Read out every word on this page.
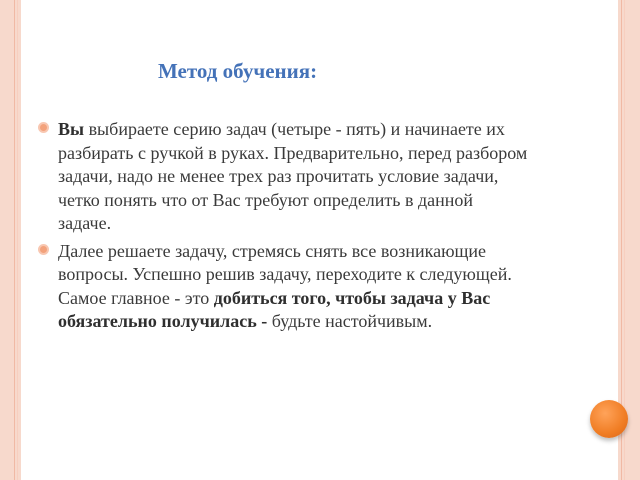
Метод обучения:
Вы выбираете серию задач (четыре - пять) и начинаете их разбирать с ручкой в руках. Предварительно, перед разбором задачи, надо не менее трех раз прочитать условие задачи, четко понять что от Вас требуют определить в данной задаче.
Далее решаете задачу, стремясь снять все возникающие вопросы. Успешно решив задачу, переходите к следующей. Самое главное - это добиться того, чтобы задача у Вас обязательно получилась - будьте настойчивым.
